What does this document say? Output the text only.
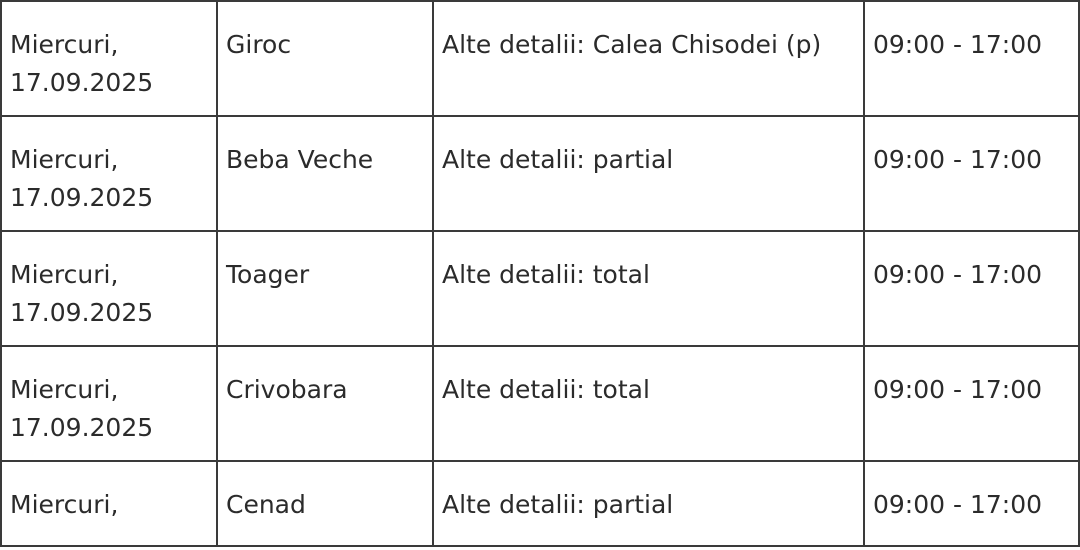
Miercuri,
17.09.2025	Giroc	Alte detalii: Calea Chisodei (p)	09:00 - 17:00

Miercuri,
17.09.2025	Beba Veche	Alte detalii: partial	09:00 - 17:00

Miercuri,
17.09.2025	Toager	Alte detalii: total	09:00 - 17:00

Miercuri,
17.09.2025	Crivobara	Alte detalii: total	09:00 - 17:00

Miercuri,	Cenad	Alte detalii: partial	09:00 - 17:00
